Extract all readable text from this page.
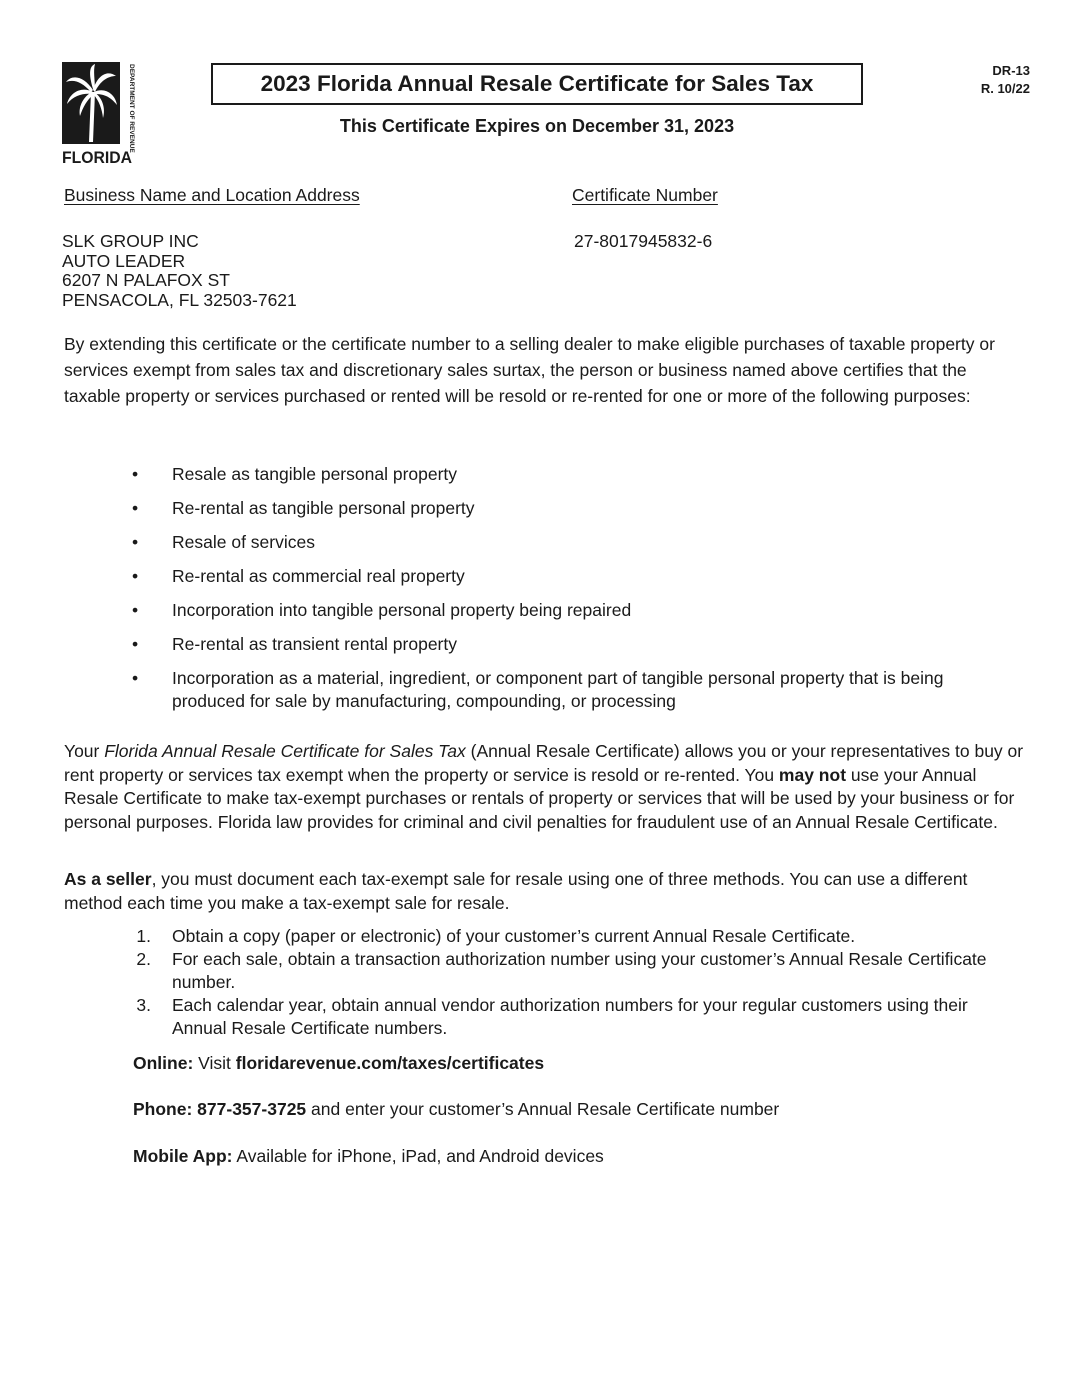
DEPARTMENT OF REVENUE
FLORIDA
2023 Florida Annual Resale Certificate for Sales Tax
DR-13
R. 10/22
This Certificate Expires on December 31, 2023
Business Name and Location Address	Certificate Number
SLK GROUP INC
AUTO LEADER
6207 N PALAFOX ST
PENSACOLA, FL 32503-7621
27-8017945832-6
By extending this certificate or the certificate number to a selling dealer to make eligible purchases of taxable property or services exempt from sales tax and discretionary sales surtax, the person or business named above certifies that the taxable property or services purchased or rented will be resold or re-rented for one or more of the following purposes:
• Resale as tangible personal property
• Re-rental as tangible personal property
• Resale of services
• Re-rental as commercial real property
• Incorporation into tangible personal property being repaired
• Re-rental as transient rental property
• Incorporation as a material, ingredient, or component part of tangible personal property that is being produced for sale by manufacturing, compounding, or processing
Your Florida Annual Resale Certificate for Sales Tax (Annual Resale Certificate) allows you or your representatives to buy or rent property or services tax exempt when the property or service is resold or re-rented. You may not use your Annual Resale Certificate to make tax-exempt purchases or rentals of property or services that will be used by your business or for personal purposes. Florida law provides for criminal and civil penalties for fraudulent use of an Annual Resale Certificate.
As a seller, you must document each tax-exempt sale for resale using one of three methods. You can use a different method each time you make a tax-exempt sale for resale.
1. Obtain a copy (paper or electronic) of your customer’s current Annual Resale Certificate.
2. For each sale, obtain a transaction authorization number using your customer’s Annual Resale Certificate number.
3. Each calendar year, obtain annual vendor authorization numbers for your regular customers using their Annual Resale Certificate numbers.
Online: Visit floridarevenue.com/taxes/certificates
Phone: 877-357-3725 and enter your customer’s Annual Resale Certificate number
Mobile App: Available for iPhone, iPad, and Android devices
